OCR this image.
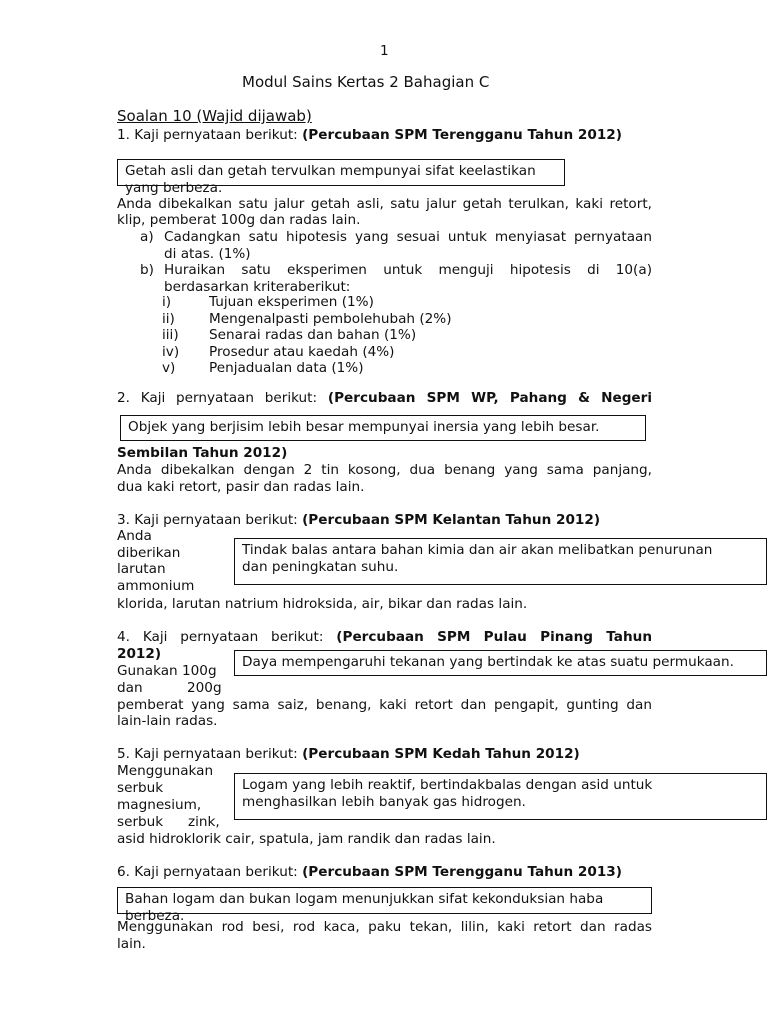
1
Modul Sains Kertas 2 Bahagian C
Soalan 10 (Wajid dijawab)
1. Kaji pernyataan berikut: (Percubaan SPM Terengganu Tahun 2012)
Getah asli dan getah tervulkan mempunyai sifat keelastikan yang berbeza.
Anda dibekalkan satu jalur getah asli, satu jalur getah terulkan, kaki retort,
klip, pemberat 100g dan radas lain.
a) Cadangkan satu hipotesis yang sesuai untuk menyiasat pernyataan
di atas. (1%)
b) Huraikan satu eksperimen untuk menguji hipotesis di 10(a)
berdasarkan kriteraberikut:
i)	Tujuan eksperimen (1%)
ii)	Mengenalpasti pembolehubah (2%)
iii) Senarai radas dan bahan (1%)
iv) Prosedur atau kaedah (4%)
v) Penjadualan data (1%)
2. Kaji pernyataan berikut: (Percubaan SPM WP, Pahang & Negeri
Objek yang berjisim lebih besar mempunyai inersia yang lebih besar.
Sembilan Tahun 2012)
Anda dibekalkan dengan 2 tin kosong, dua benang yang sama panjang,
dua kaki retort, pasir dan radas lain.
3. Kaji pernyataan berikut: (Percubaan SPM Kelantan Tahun 2012)
Anda
diberikan
larutan
ammonium
Tindak balas antara bahan kimia dan air akan melibatkan penurunan
dan peningkatan suhu.
klorida, larutan natrium hidroksida, air, bikar dan radas lain.
4. Kaji pernyataan berikut: (Percubaan SPM Pulau Pinang Tahun
2012)
Gunakan 100g
dan	200g
Daya mempengaruhi tekanan yang bertindak ke atas suatu permukaan.
pemberat yang sama saiz, benang, kaki retort dan pengapit, gunting dan
lain-lain radas.
5. Kaji pernyataan berikut: (Percubaan SPM Kedah Tahun 2012)
Menggunakan
serbuk
magnesium,
serbuk zink,
Logam yang lebih reaktif, bertindakbalas dengan asid untuk
menghasilkan lebih banyak gas hidrogen.
asid hidroklorik cair, spatula, jam randik dan radas lain.
6. Kaji pernyataan berikut: (Percubaan SPM Terengganu Tahun 2013)
Bahan logam dan bukan logam menunjukkan sifat kekonduksian haba berbeza.
Menggunakan rod besi, rod kaca, paku tekan, lilin, kaki retort dan radas
lain.
